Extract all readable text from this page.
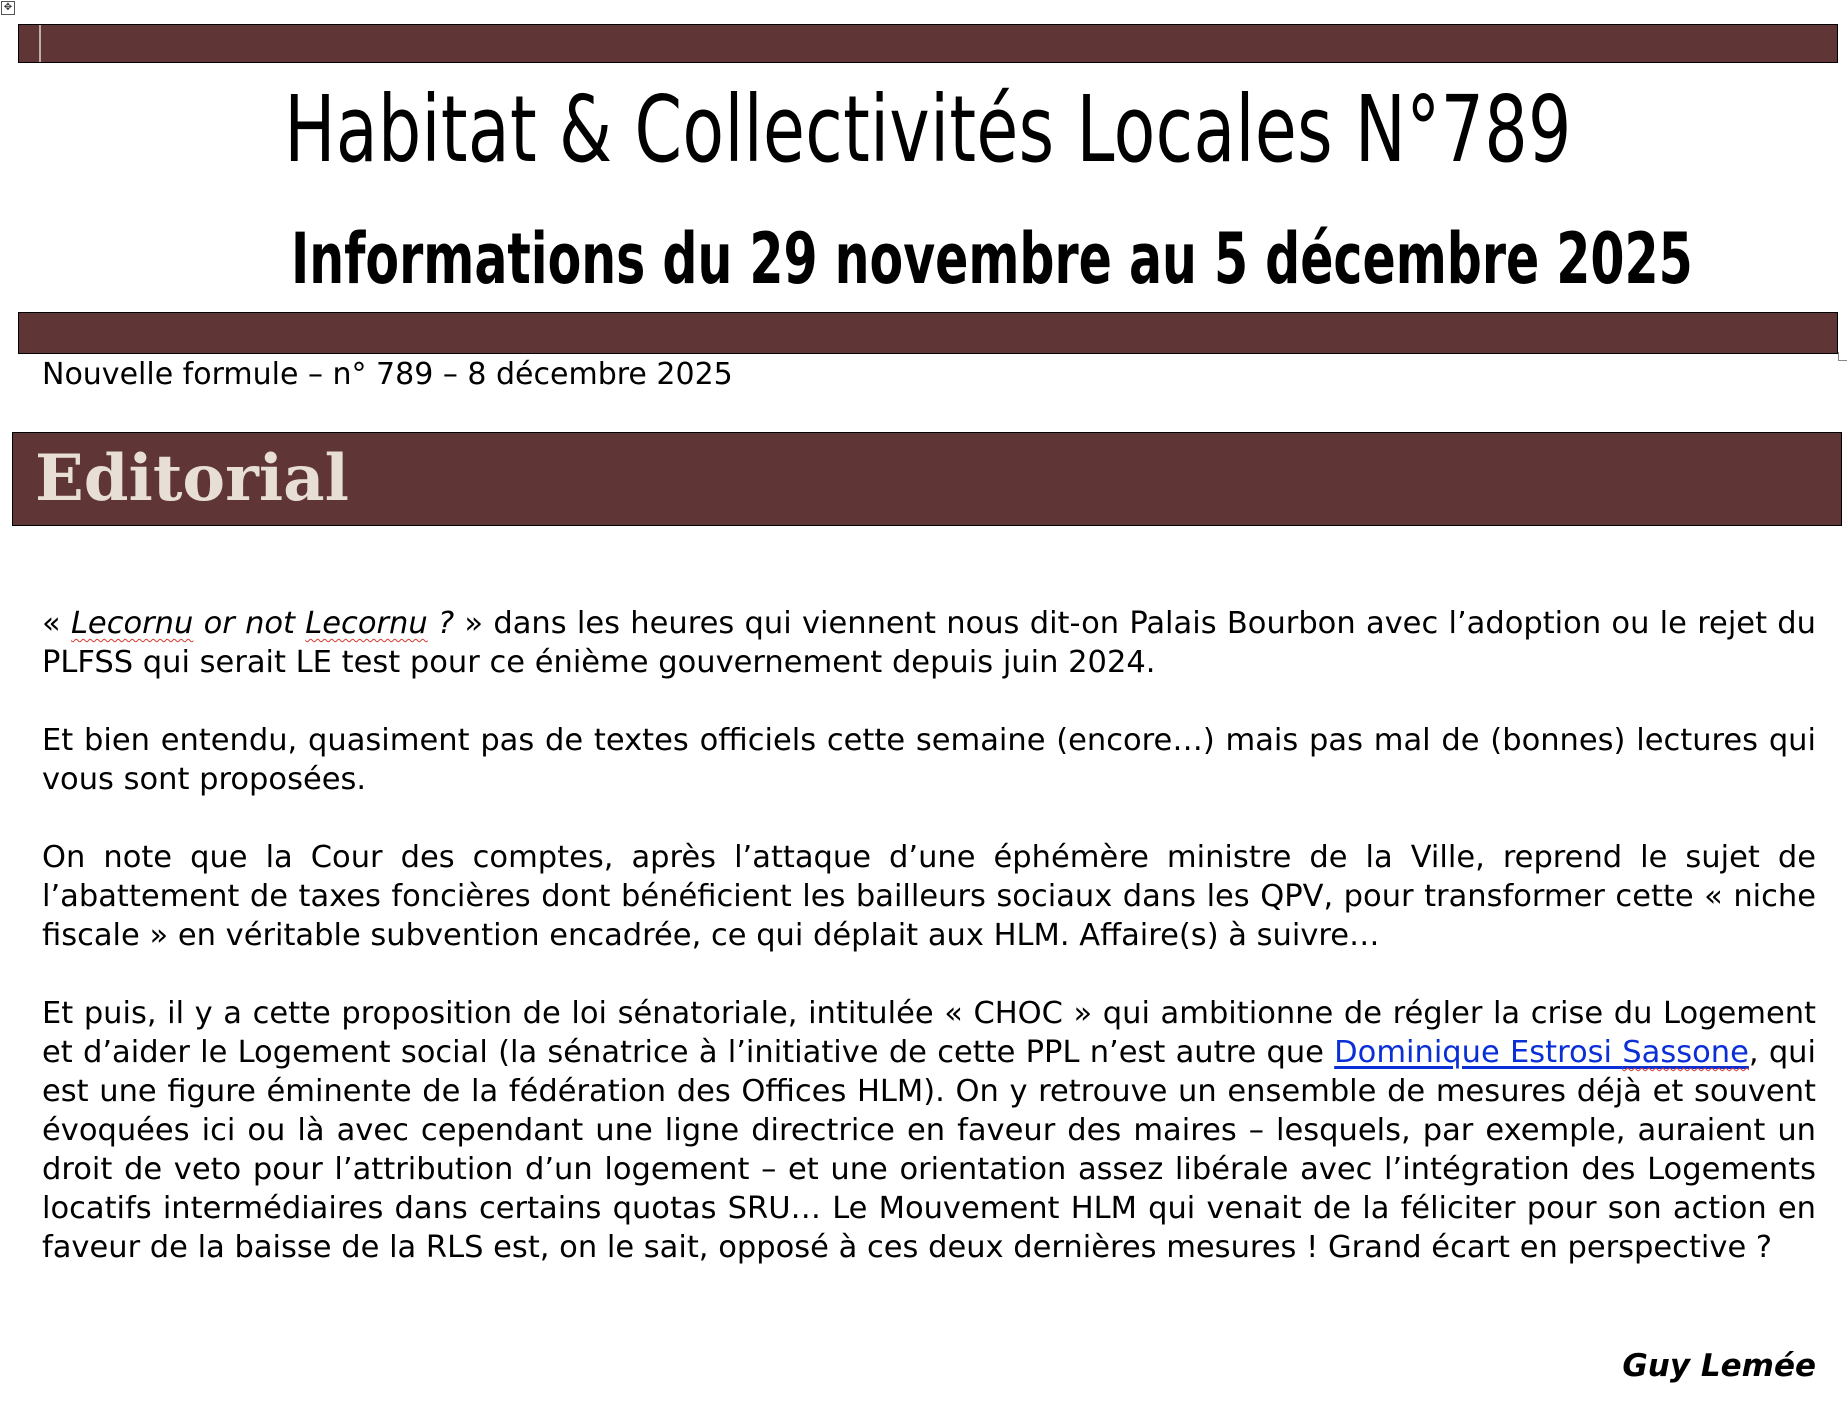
✥
Habitat & Collectivités Locales N°789
Informations du 29 novembre au 5 décembre 2025
Nouvelle formule – n° 789 – 8 décembre 2025
Editorial

« Lecornu or not Lecornu ? » dans les heures qui viennent nous dit-on Palais Bourbon avec l’adoption ou le rejet du PLFSS qui serait LE test pour ce énième gouvernement depuis juin 2024.

Et bien entendu, quasiment pas de textes officiels cette semaine (encore…) mais pas mal de (bonnes) lectures qui vous sont proposées.

On note que la Cour des comptes, après l’attaque d’une éphémère ministre de la Ville, reprend le sujet de l’abattement de taxes foncières dont bénéficient les bailleurs sociaux dans les QPV, pour transformer cette « niche fiscale » en véritable subvention encadrée, ce qui déplait aux HLM. Affaire(s) à suivre…

Et puis, il y a cette proposition de loi sénatoriale, intitulée « CHOC » qui ambitionne de régler la crise du Logement et d’aider le Logement social (la sénatrice à l’initiative de cette PPL n’est autre que Dominique Estrosi Sassone, qui est une figure éminente de la fédération des Offices HLM). On y retrouve un ensemble de mesures déjà et souvent évoquées ici ou là avec cependant une ligne directrice en faveur des maires – lesquels, par exemple, auraient un droit de veto pour l’attribution d’un logement – et une orientation assez libérale avec l’intégration des Logements locatifs intermédiaires dans certains quotas SRU… Le Mouvement HLM qui venait de la féliciter pour son action en faveur de la baisse de la RLS est, on le sait, opposé à ces deux dernières mesures ! Grand écart en perspective ?

Guy Lemée
